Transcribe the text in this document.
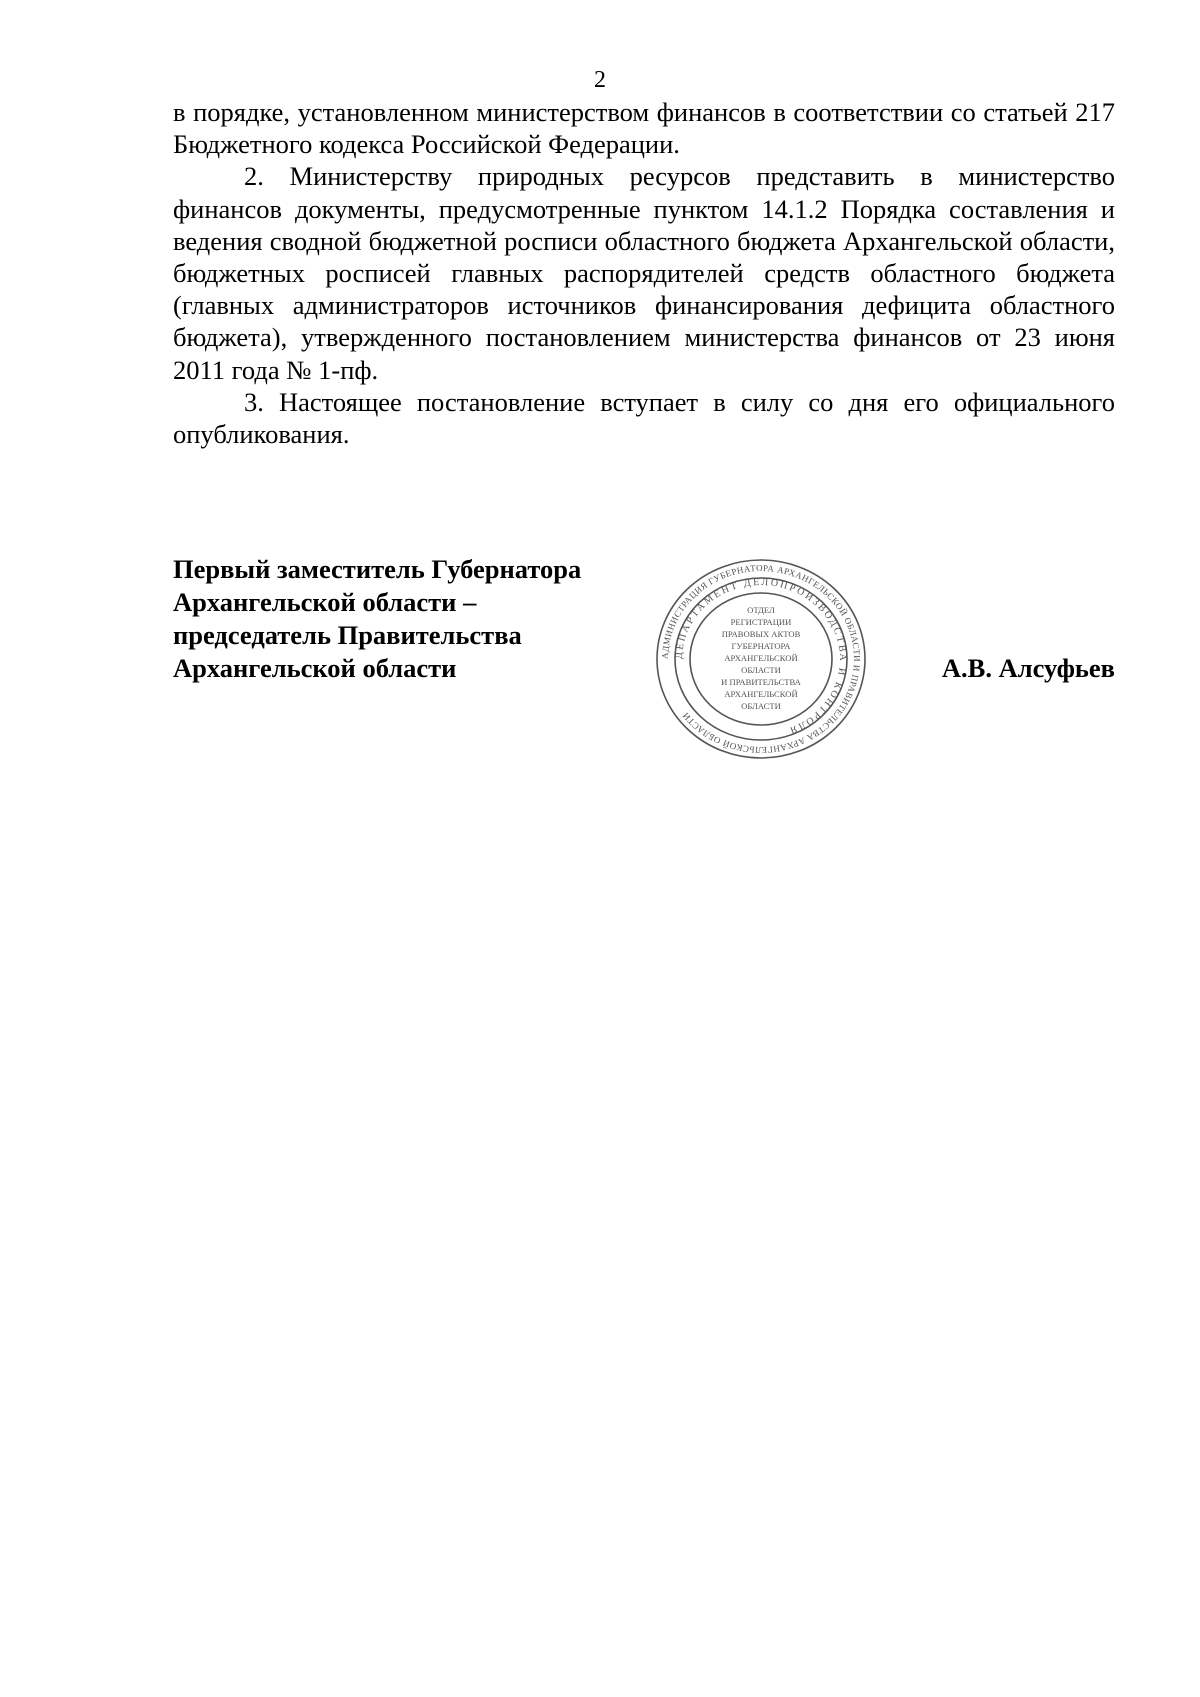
2

в порядке, установленном министерством финансов в соответствии со статьей 217 Бюджетного кодекса Российской Федерации.

2. Министерству природных ресурсов представить в министерство финансов документы, предусмотренные пунктом 14.1.2 Порядка составления и ведения сводной бюджетной росписи областного бюджета Архангельской области, бюджетных росписей главных распорядителей средств областного бюджета (главных администраторов источников финансирования дефицита областного бюджета), утвержденного постановлением министерства финансов от 23 июня 2011 года № 1-пф.

3. Настоящее постановление вступает в силу со дня его официального опубликования.

Первый заместитель Губернатора
Архангельской области –
председатель Правительства
Архангельской области	А.В. Алсуфьев
АДМИНИСТРАЦИЯ ГУБЕРНАТОРА АРХАНГЕЛЬСКОЙ ОБЛАСТИ И ПРАВИТЕЛЬСТВА АРХАНГЕЛЬСКОЙ ОБЛАСТИ
ДЕПАРТАМЕНТ ДЕЛОПРОИЗВОДСТВА И КОНТРОЛЯ
ОТДЕЛ
РЕГИСТРАЦИИ
ПРАВОВЫХ АКТОВ
ГУБЕРНАТОРА
АРХАНГЕЛЬСКОЙ
ОБЛАСТИ
И ПРАВИТЕЛЬСТВА
АРХАНГЕЛЬСКОЙ
ОБЛАСТИ
